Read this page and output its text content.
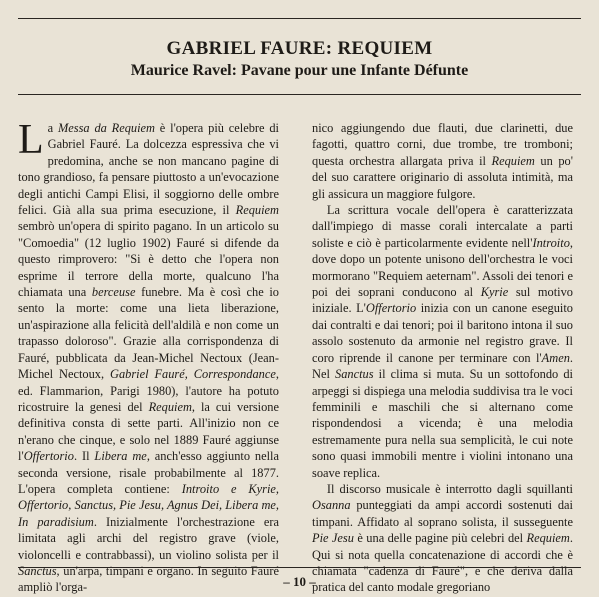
GABRIEL FAURE: REQUIEM
Maurice Ravel: Pavane pour une Infante Défunte

L a Messa da Requiem è l'opera più celebre di Gabriel Fauré. La dolcezza espressiva che vi predomina, anche se non mancano pagine di tono grandioso, fa pensare piuttosto a un'evocazione degli antichi Campi Elisi, il soggiorno delle ombre felici. Già alla sua prima esecuzione, il Requiem sembrò un'opera di spirito pagano. In un articolo su "Comoedia" (12 luglio 1902) Fauré si difende da questo rimprovero: "Si è detto che l'opera non esprime il terrore della morte, qualcuno l'ha chiamata una berceuse funebre. Ma è così che io sento la morte: come una lieta liberazione, un'aspirazione alla felicità dell'aldilà e non come un trapasso doloroso". Grazie alla corrispondenza di Fauré, pubblicata da Jean-Michel Nectoux (Jean-Michel Nectoux, Gabriel Fauré, Correspondance, ed. Flammarion, Parigi 1980), l'autore ha potuto ricostruire la genesi del Requiem, la cui versione definitiva consta di sette parti. All'inizio non ce n'erano che cinque, e solo nel 1889 Fauré aggiunse l'Offertorio. Il Libera me, anch'esso aggiunto nella seconda versione, risale probabilmente al 1877. L'opera completa contiene: Introito e Kyrie, Offertorio, Sanctus, Pie Jesu, Agnus Dei, Libera me, In paradisium. Inizialmente l'orchestrazione era limitata agli archi del registro grave (viole, violoncelli e contrabbassi), un violino solista per il Sanctus, un'arpa, timpani e organo. In seguito Fauré ampliò l'orga-

nico aggiungendo due flauti, due clarinetti, due fagotti, quattro corni, due trombe, tre tromboni; questa orchestra allargata priva il Requiem un po' del suo carattere originario di assoluta intimità, ma gli assicura un maggiore fulgore.

La scrittura vocale dell'opera è caratterizzata dall'impiego di masse corali intercalate a parti soliste e ciò è particolarmente evidente nell'Introito, dove dopo un potente unisono dell'orchestra le voci mormorano "Requiem aeternam". Assoli dei tenori e poi dei soprani conducono al Kyrie sul motivo iniziale. L'Offertorio inizia con un canone eseguito dai contralti e dai tenori; poi il baritono intona il suo assolo sostenuto da armonie nel registro grave. Il coro riprende il canone per terminare con l'Amen. Nel Sanctus il clima si muta. Su un sottofondo di arpeggi si dispiega una melodia suddivisa tra le voci femminili e maschili che si alternano come rispondendosi a vicenda; è una melodia estremamente pura nella sua semplicità, le cui note sono quasi immobili mentre i violini intonano una soave replica.

Il discorso musicale è interrotto dagli squillanti Osanna punteggiati da ampi accordi sostenuti dai timpani. Affidato al soprano solista, il susseguente Pie Jesu è una delle pagine più celebri del Requiem. Qui si nota quella concatenazione di accordi che è chiamata "cadenza di Fauré", e che deriva dalla pratica del canto modale gregoriano

– 10 –
